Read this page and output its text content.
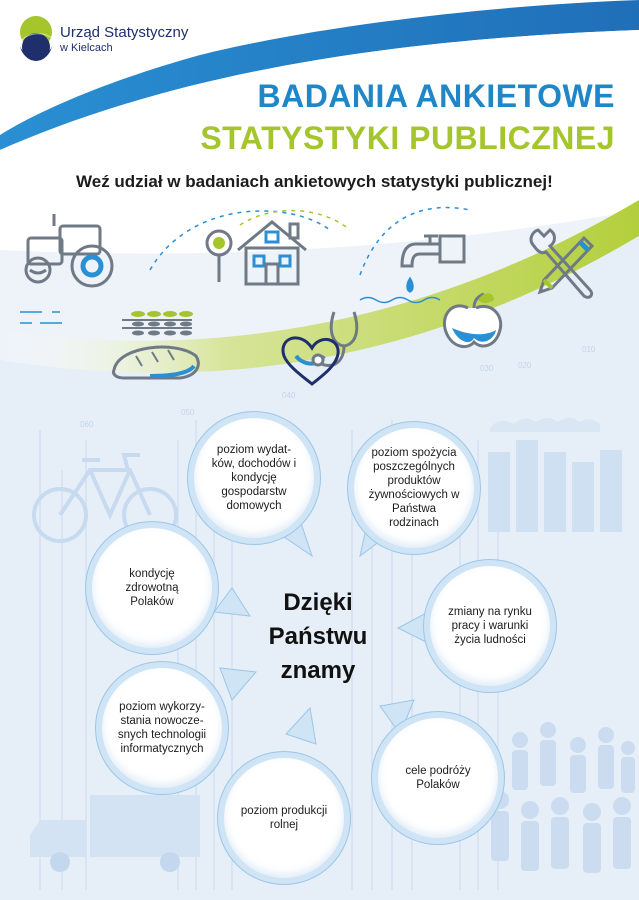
010
020
030
040
050
060
Urząd Statystyczny
w Kielcach
BADANIA ANKIETOWE
STATYSTYKI PUBLICZNEJ
Weź udział w badaniach ankietowych statystyki publicznej!
poziom wydat-ków, dochodów i kondycję gospodarstw domowych
poziom spożycia poszczególnych produktów żywnościowych w Państwa rodzinach
kondycję zdrowotną Polaków
zmiany na rynku pracy i warunki życia ludności
poziom wykorzy-stania nowocze-snych technologii informatycznych
cele podróży Polaków
poziom produkcji rolnej
Dzięki
Państwu
znamy
